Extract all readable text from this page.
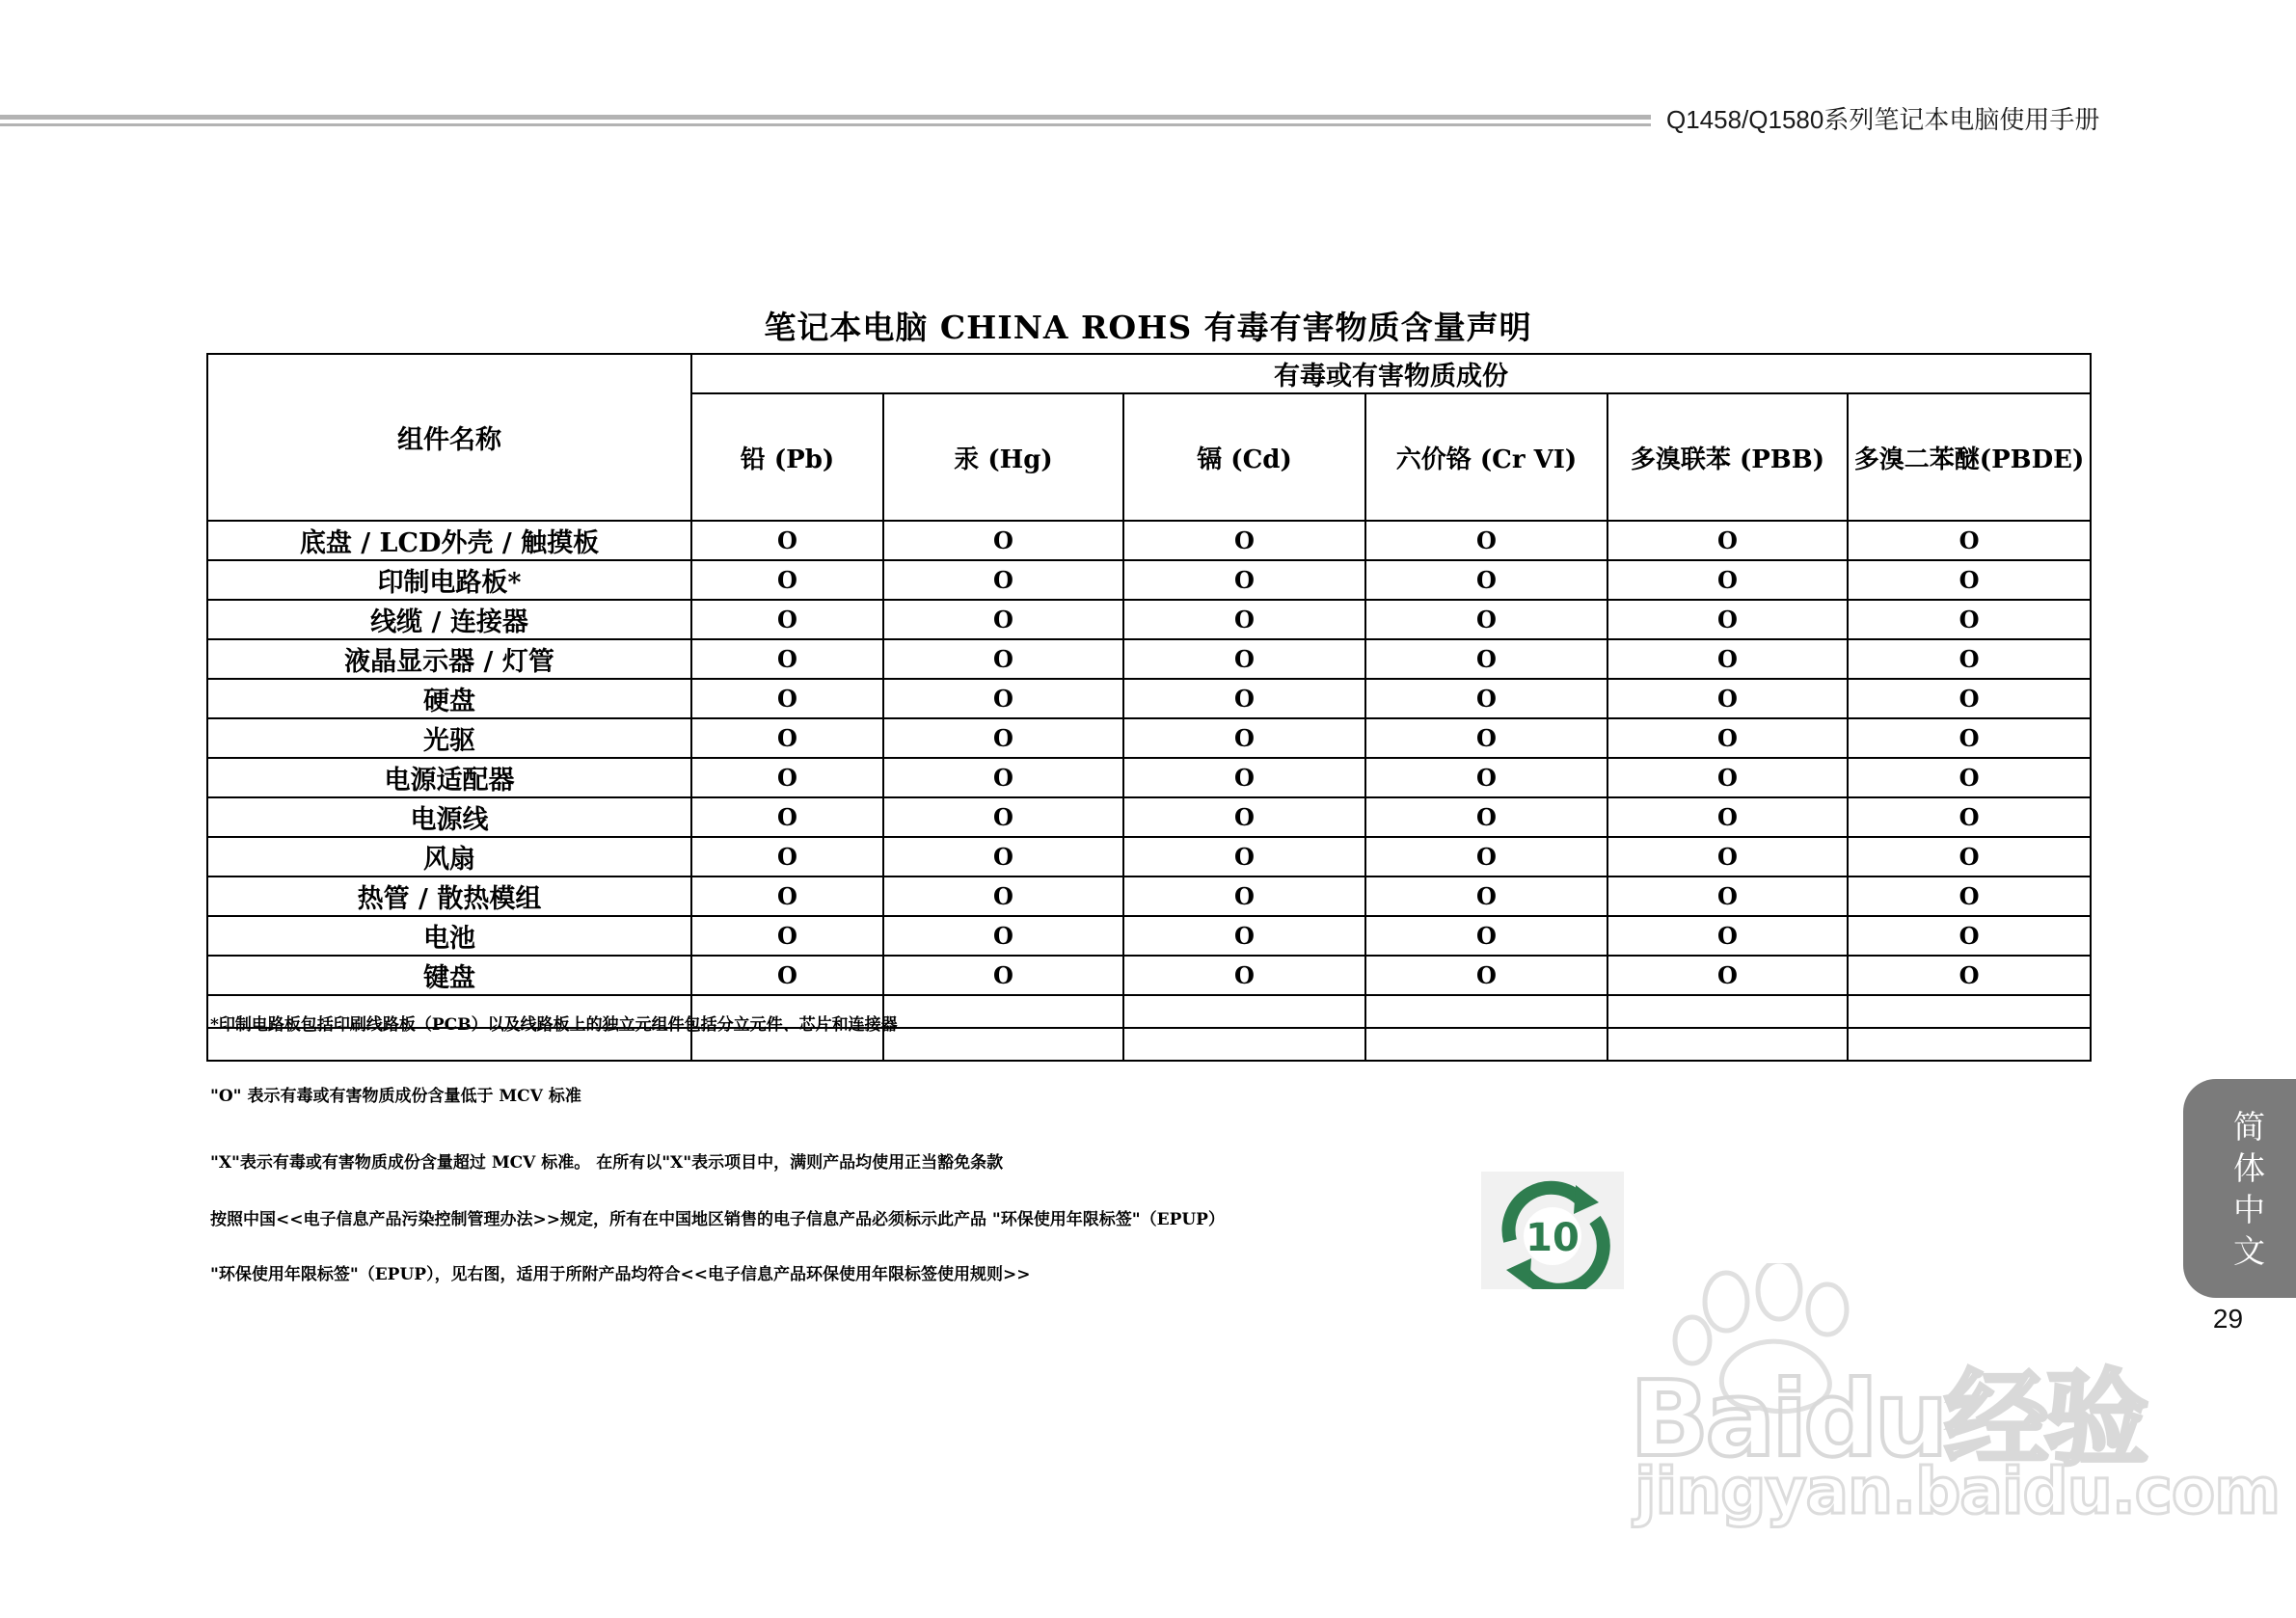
Q1458/Q1580系列笔记本电脑使用手册
笔记本电脑 CHINA ROHS 有毒有害物质含量声明
组件名称	有毒或有害物质成份					
	铅 (Pb)	汞 (Hg)	镉 (Cd)	六价铬 (Cr VI)	多溴联苯 (PBB)	多溴二苯醚(PBDE)
底盘 / LCD外壳 / 触摸板	O	O	O	O	O	O
印制电路板*	O	O	O	O	O	O
线缆 / 连接器	O	O	O	O	O	O
液晶显示器 / 灯管	O	O	O	O	O	O
硬盘	O	O	O	O	O	O
光驱	O	O	O	O	O	O
电源适配器	O	O	O	O	O	O
电源线	O	O	O	O	O	O
风扇	O	O	O	O	O	O
热管 / 散热模组	O	O	O	O	O	O
电池	O	O	O	O	O	O
键盘	O	O	O	O	O	O

*印制电路板包括印刷线路板（PCB）以及线路板上的独立元组件包括分立元件、芯片和连接器
"O" 表示有毒或有害物质成份含量低于 MCV 标准
"X"表示有毒或有害物质成份含量超过 MCV 标准。 在所有以"X"表示项目中，满则产品均使用正当豁免条款
按照中国<<电子信息产品污染控制管理办法>>规定，所有在中国地区销售的电子信息产品必须标示此产品 "环保使用年限标签"（EPUP）
"环保使用年限标签"（EPUP），见右图，适用于所附产品均符合<<电子信息产品环保使用年限标签使用规则>>
10	简体中文
29
Baidu经验
jingyan.baidu.com
